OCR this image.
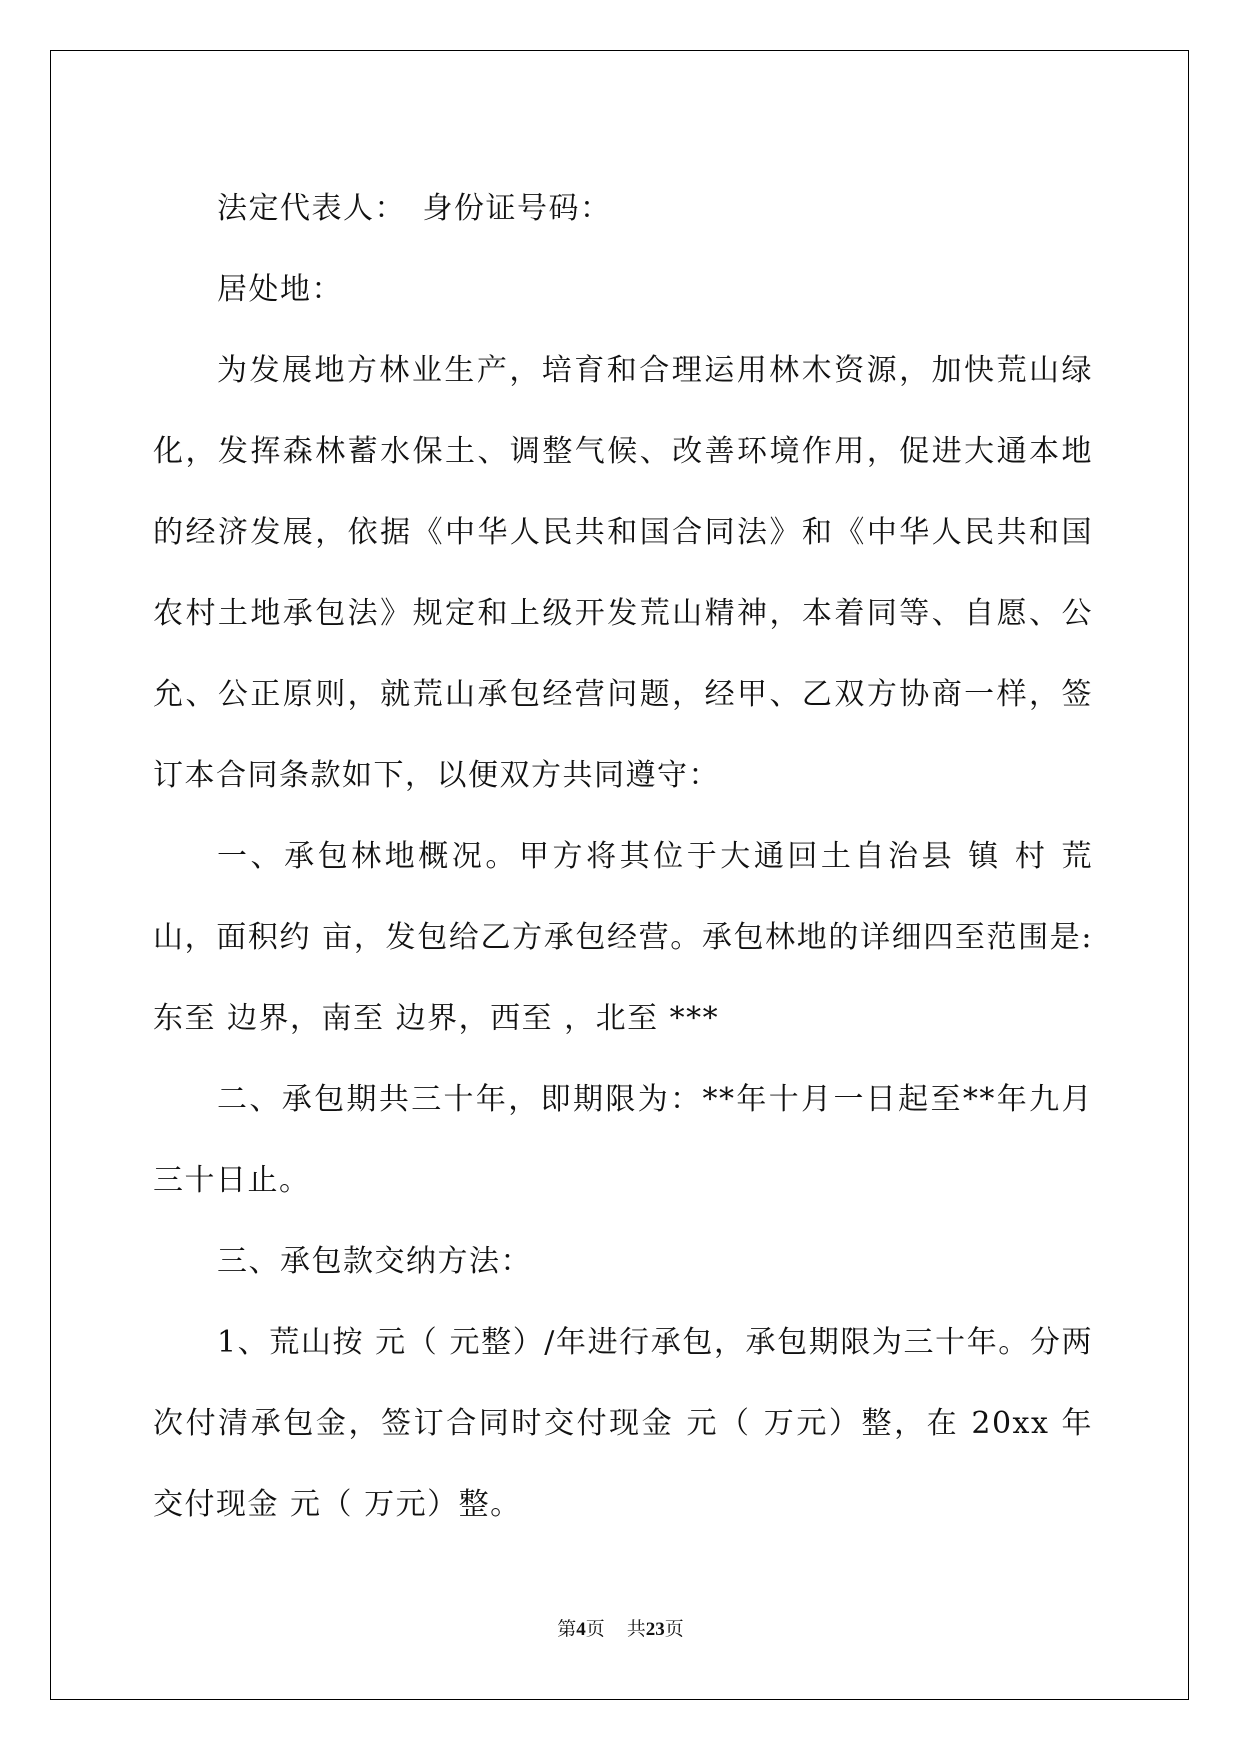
法定代表人：　身份证号码：

居处地：

为发展地方林业生产，培育和合理运用林木资源，加快荒山绿化，发挥森林蓄水保土、调整气候、改善环境作用，促进大通本地的经济发展，依据《中华人民共和国合同法》和《中华人民共和国农村土地承包法》规定和上级开发荒山精神，本着同等、自愿、公允、公正原则，就荒山承包经营问题，经甲、乙双方协商一样，签订本合同条款如下，以便双方共同遵守：

一、承包林地概况。甲方将其位于大通回土自治县 镇 村 荒山，面积约 亩，发包给乙方承包经营。承包林地的详细四至范围是: 东至 边界，南至 边界，西至 ，北至 ***

二、承包期共三十年，即期限为：**年十月一日起至**年九月三十日止。

三、承包款交纳方法：

1、荒山按 元（ 元整）/年进行承包，承包期限为三十年。分两次付清承包金，签订合同时交付现金 元（ 万元）整，在 20xx 年交付现金 元（ 万元）整。

第4页 共23页
